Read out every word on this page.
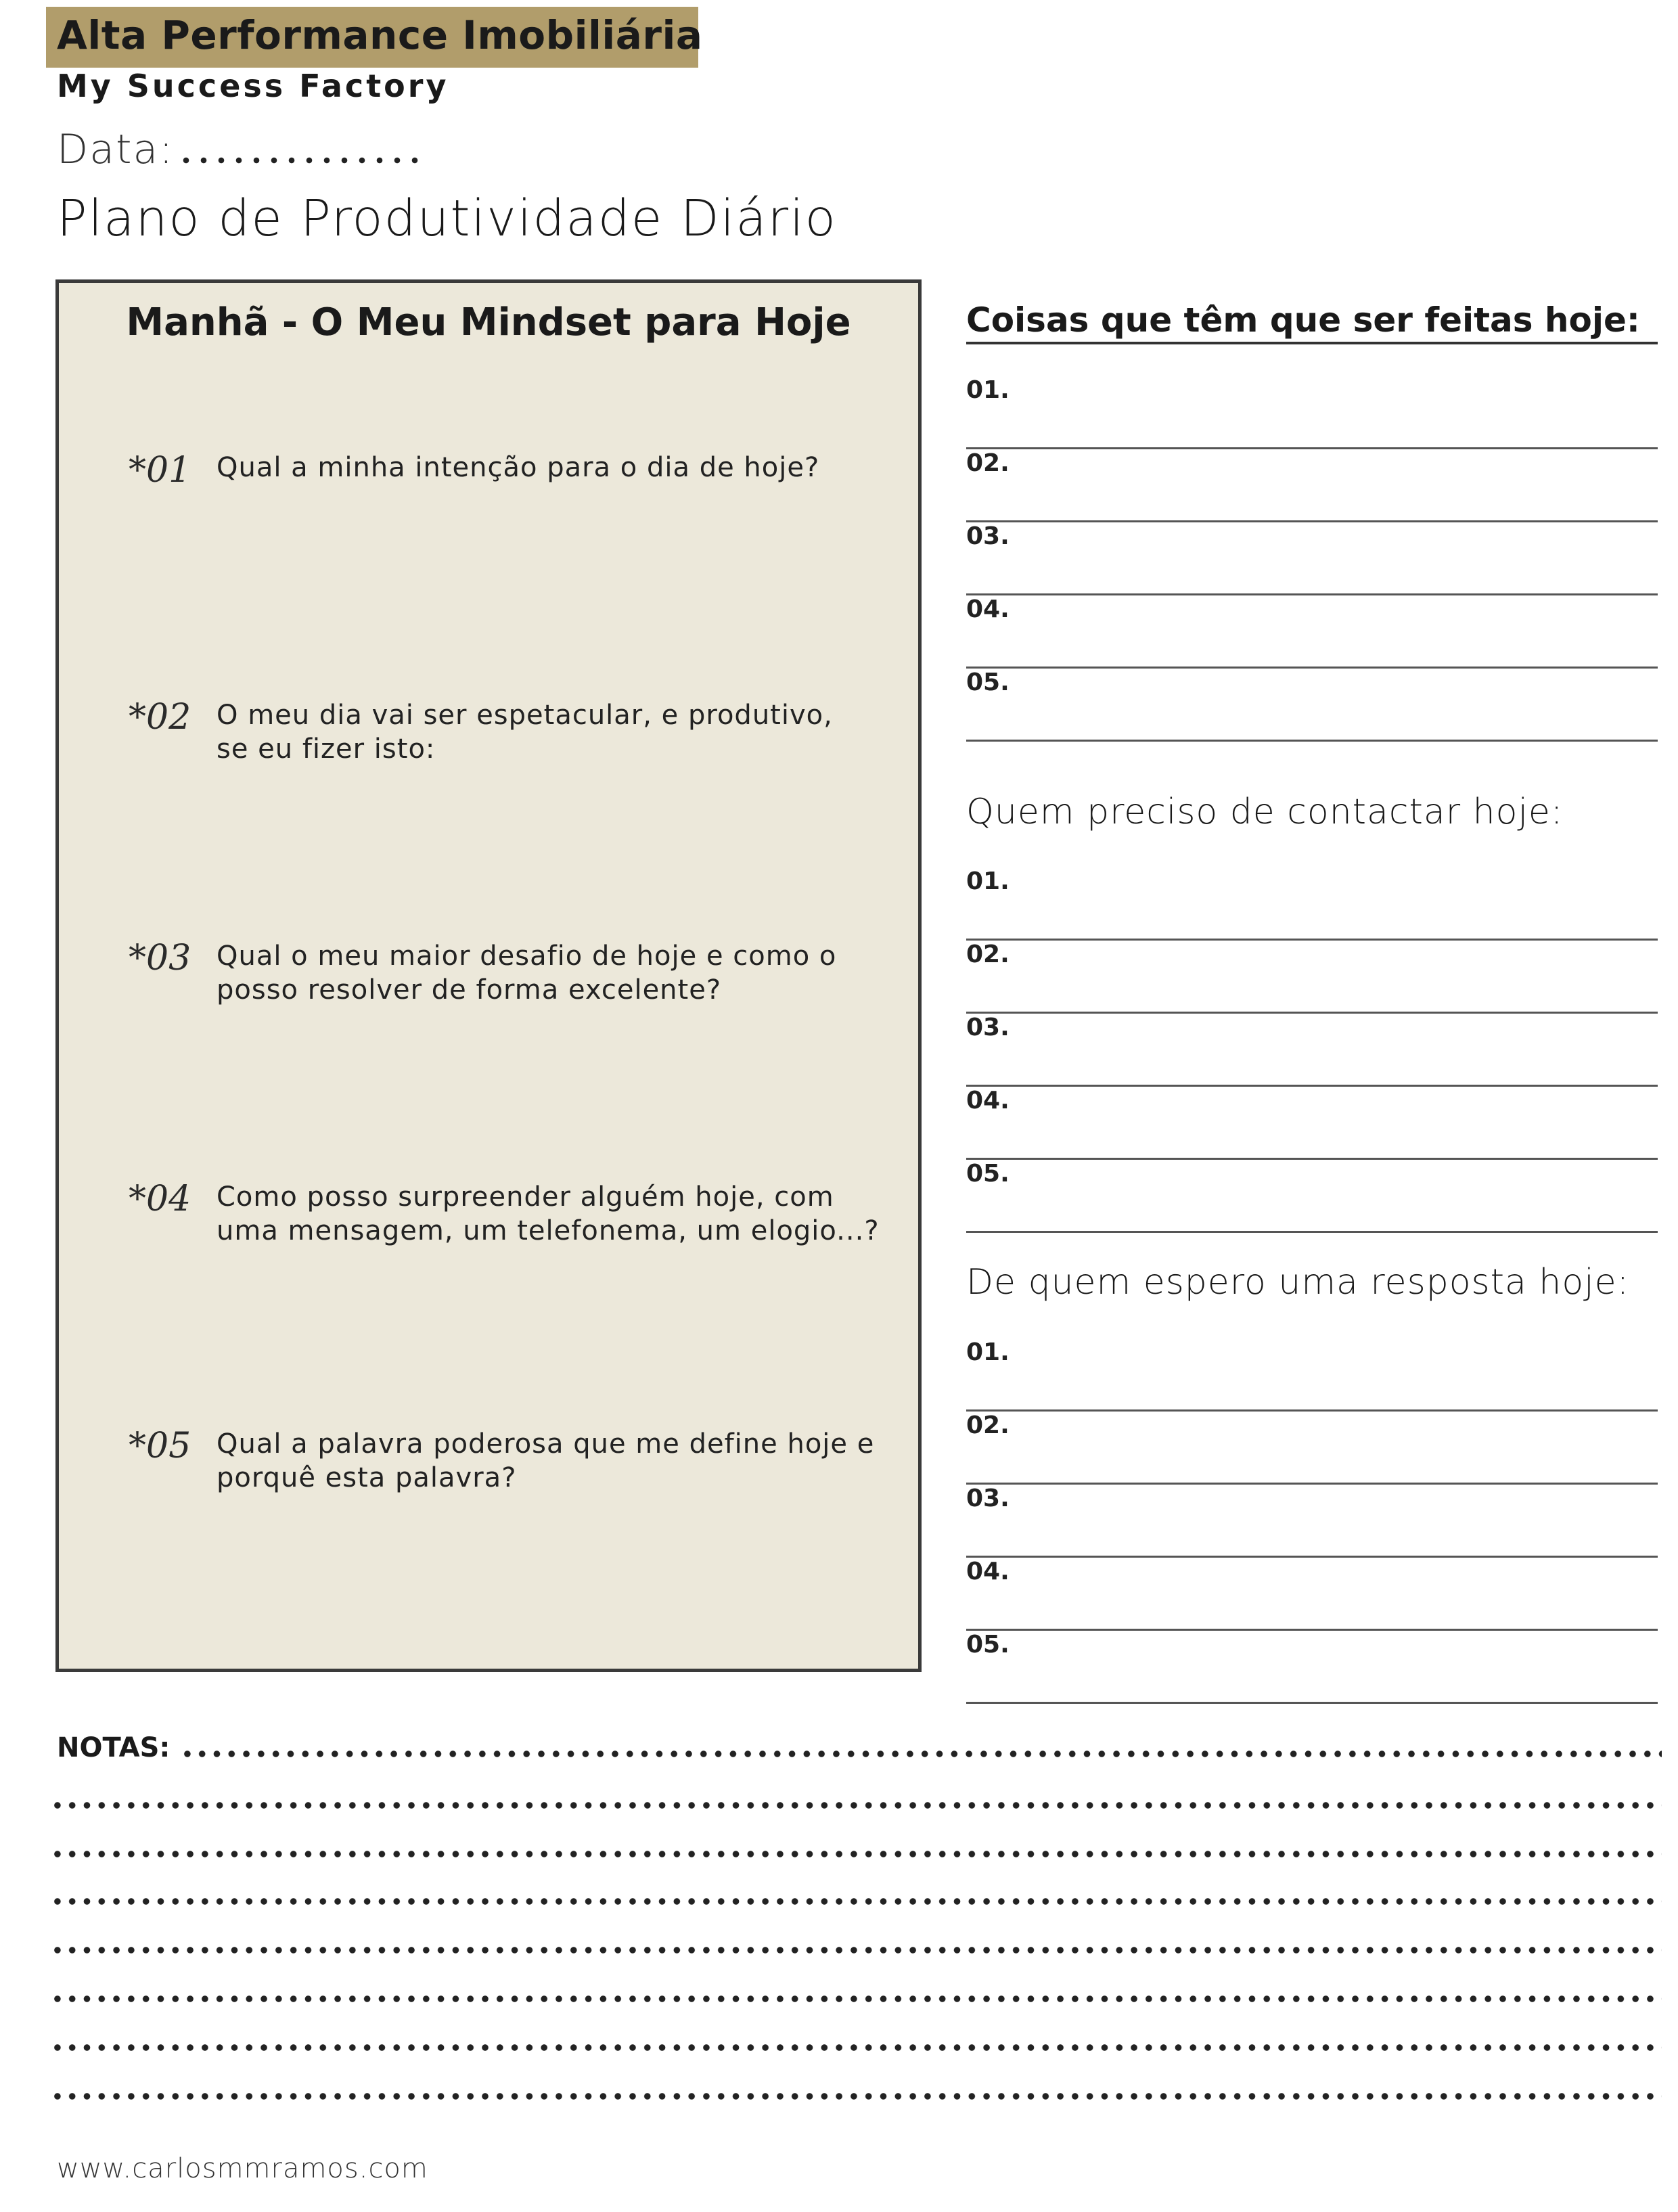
Alta Performance Imobiliária
My Success Factory
Data:
Plano de Produtividade Diário
Manhã - O Meu Mindset para Hoje
*01 Qual a minha intenção para o dia de hoje?
*02 O meu dia vai ser espetacular, e produtivo, se eu fizer isto:
*03 Qual o meu maior desafio de hoje e como o posso resolver de forma excelente?
*04 Como posso surpreender alguém hoje, com uma mensagem, um telefonema, um elogio...?
*05 Qual a palavra poderosa que me define hoje e porquê esta palavra?
Coisas que têm que ser feitas hoje:
01.
02.
03.
04.
05.
Quem preciso de contactar hoje:
01.
02.
03.
04.
05.
De quem espero uma resposta hoje:
01.
02.
03.
04.
05.
NOTAS:
www.carlosmmramos.com
